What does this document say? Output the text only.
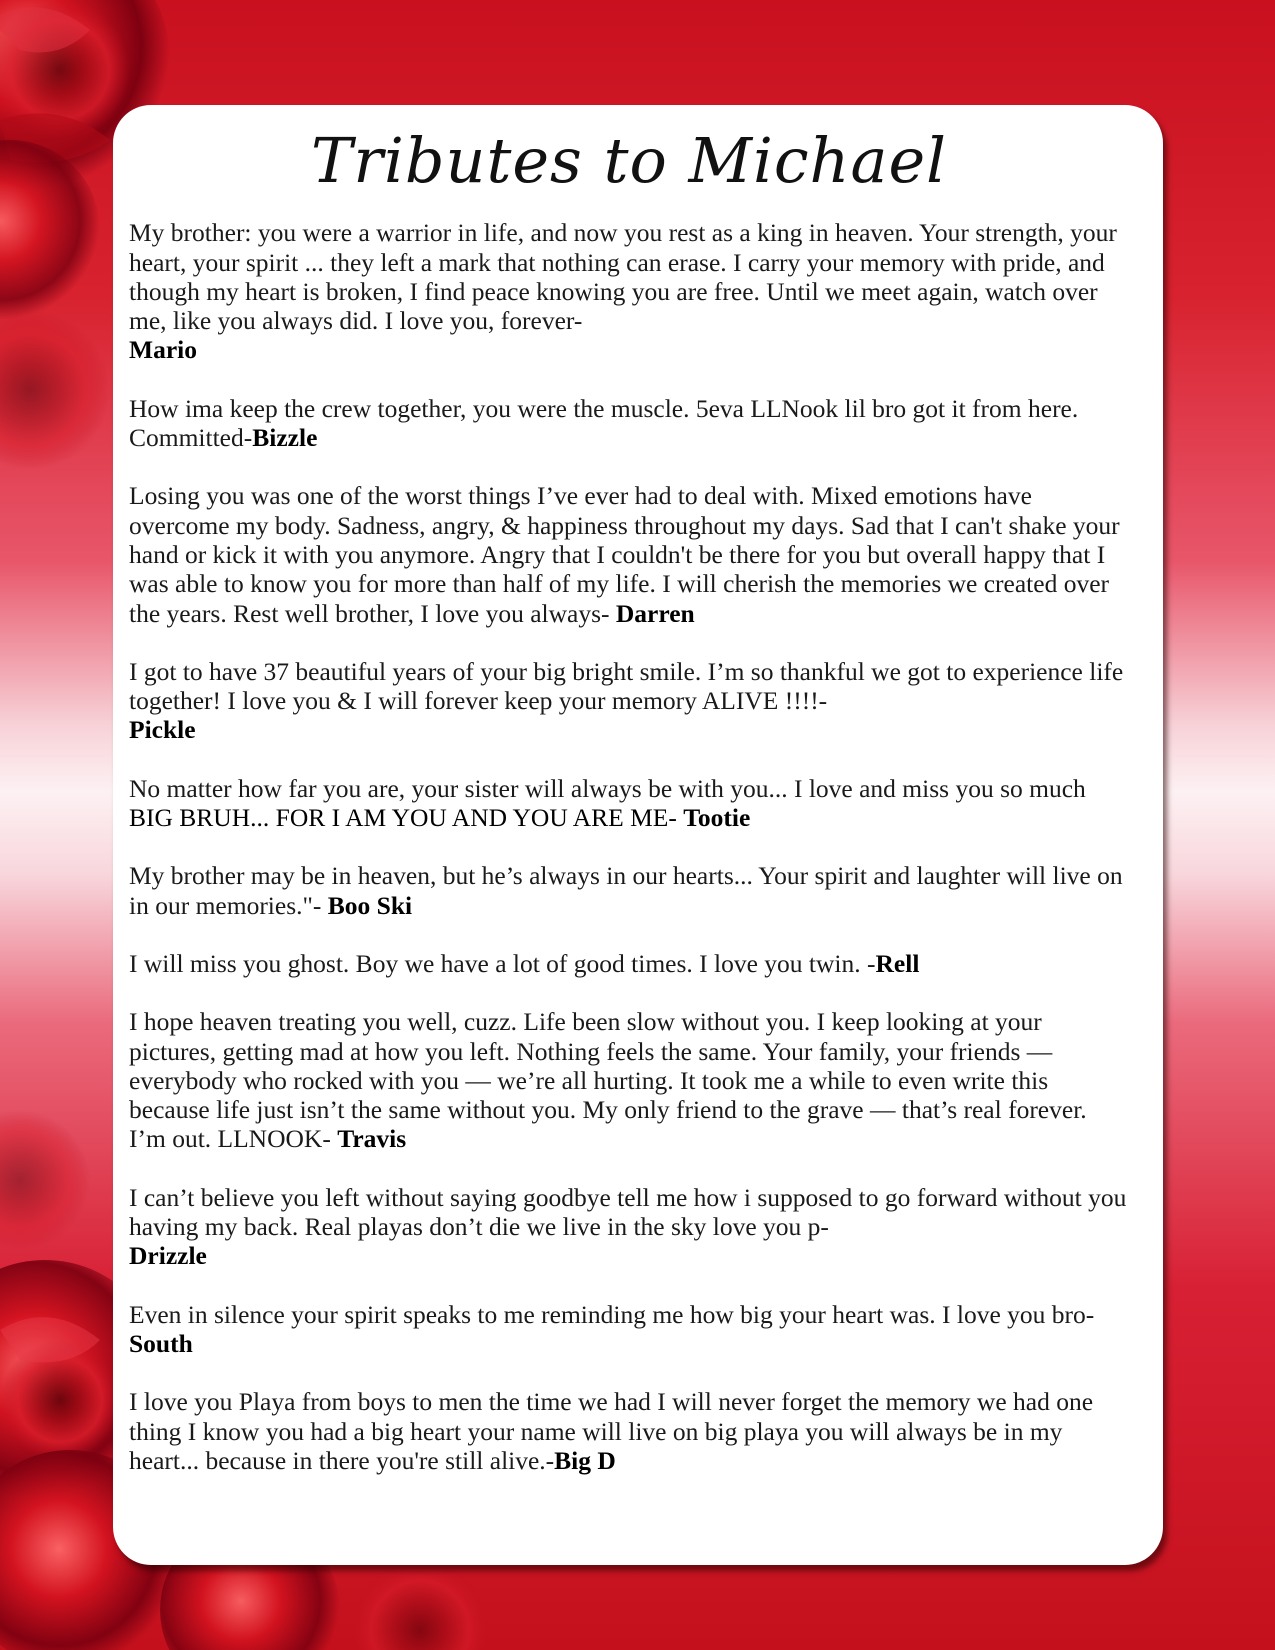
Tributes to Michael

My brother: you were a warrior in life, and now you rest as a king in heaven. Your strength, your heart, your spirit ... they left a mark that nothing can erase. I carry your memory with pride, and though my heart is broken, I find peace knowing you are free. Until we meet again, watch over me, like you always did. I love you, forever-
Mario

How ima keep the crew together, you were the muscle. 5eva LLNook lil bro got it from here. Committed-Bizzle

Losing you was one of the worst things I’ve ever had to deal with. Mixed emotions have overcome my body. Sadness, angry, & happiness throughout my days. Sad that I can't shake your hand or kick it with you anymore. Angry that I couldn't be there for you but overall happy that I was able to know you for more than half of my life. I will cherish the memories we created over the years. Rest well brother, I love you always- Darren

I got to have 37 beautiful years of your big bright smile. I’m so thankful we got to experience life together! I love you & I will forever keep your memory ALIVE !!!!-
Pickle

No matter how far you are, your sister will always be with you... I love and miss you so much BIG BRUH... FOR I AM YOU AND YOU ARE ME- Tootie

My brother may be in heaven, but he’s always in our hearts... Your spirit and laughter will live on in our memories."- Boo Ski

I will miss you ghost. Boy we have a lot of good times. I love you twin. -Rell

I hope heaven treating you well, cuzz. Life been slow without you. I keep looking at your pictures, getting mad at how you left. Nothing feels the same. Your family, your friends — everybody who rocked with you — we’re all hurting. It took me a while to even write this because life just isn’t the same without you. My only friend to the grave — that’s real forever. I’m out. LLNOOK- Travis

I can’t believe you left without saying goodbye tell me how i supposed to go forward without you having my back. Real playas don’t die we live in the sky love you p-
Drizzle

Even in silence your spirit speaks to me reminding me how big your heart was. I love you bro-South

I love you Playa from boys to men the time we had I will never forget the memory we had one thing I know you had a big heart your name will live on big playa you will always be in my heart... because in there you're still alive.-Big D
